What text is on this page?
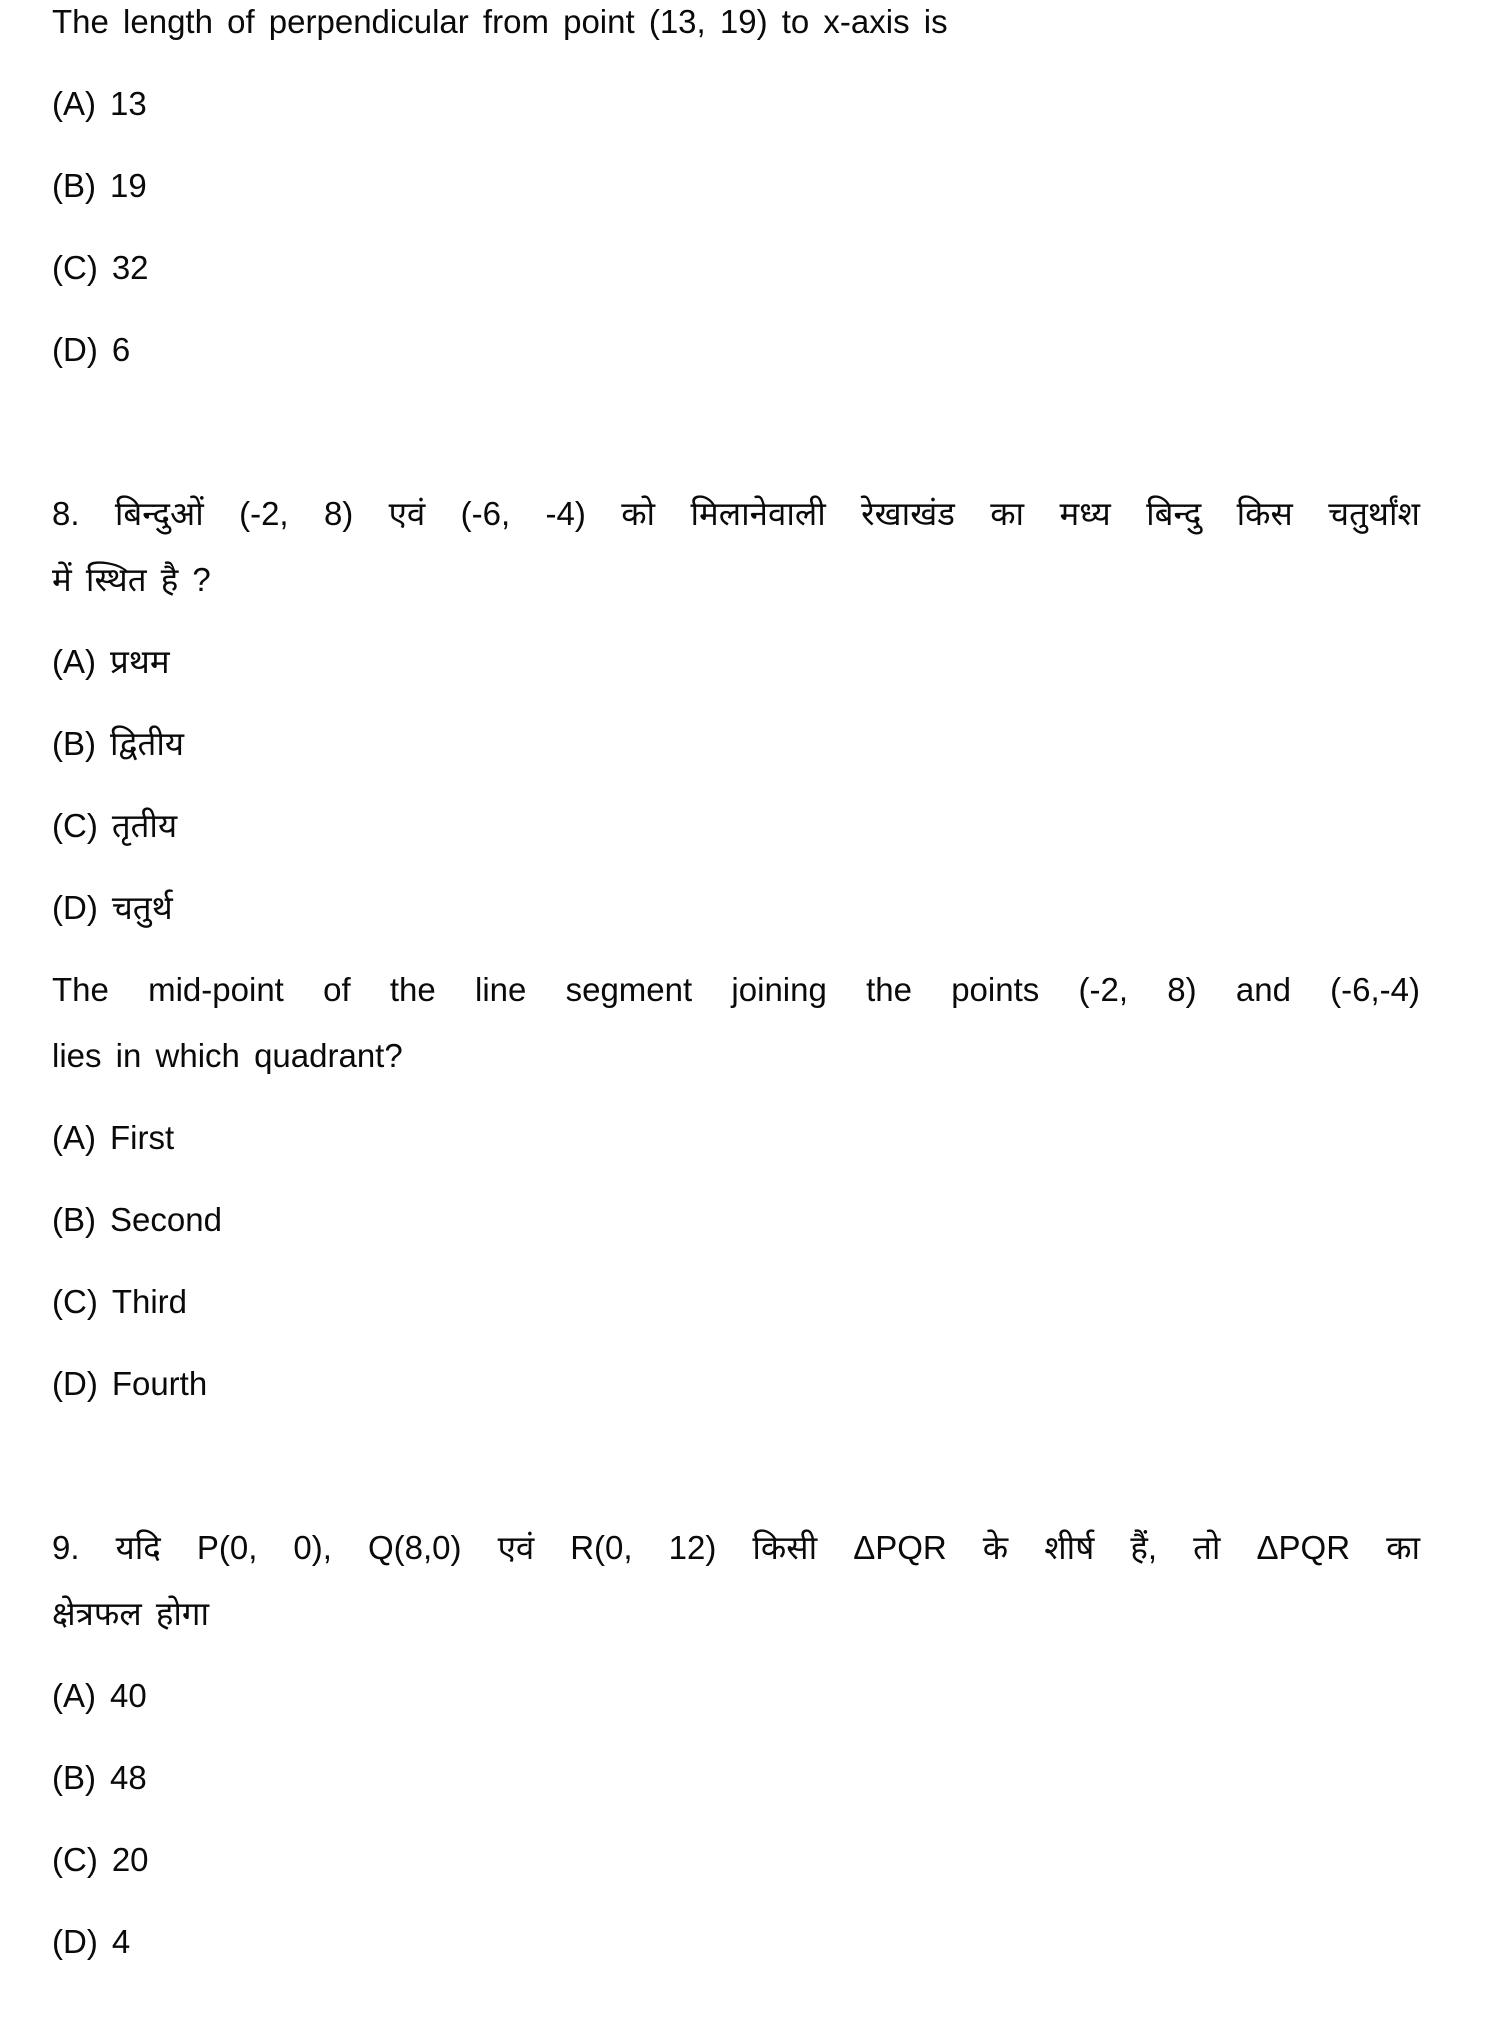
The length of perpendicular from point (13, 19) to x-axis is
(A) 13
(B) 19
(C) 32
(D) 6
8. बिन्दुओं (-2, 8) एवं (-6, -4) को मिलानेवाली रेखाखंड का मध्य बिन्दु किस चतुर्थांश
में स्थित है ?
(A) प्रथम
(B) द्वितीय
(C) तृतीय
(D) चतुर्थ
The mid-point of the line segment joining the points (-2, 8) and (-6,-4)
lies in which quadrant?
(A) First
(B) Second
(C) Third
(D) Fourth
9. यदि P(0, 0), Q(8,0) एवं R(0, 12) किसी ΔPQR के शीर्ष हैं, तो ΔPQR का
क्षेत्रफल होगा
(A) 40
(B) 48
(C) 20
(D) 4
